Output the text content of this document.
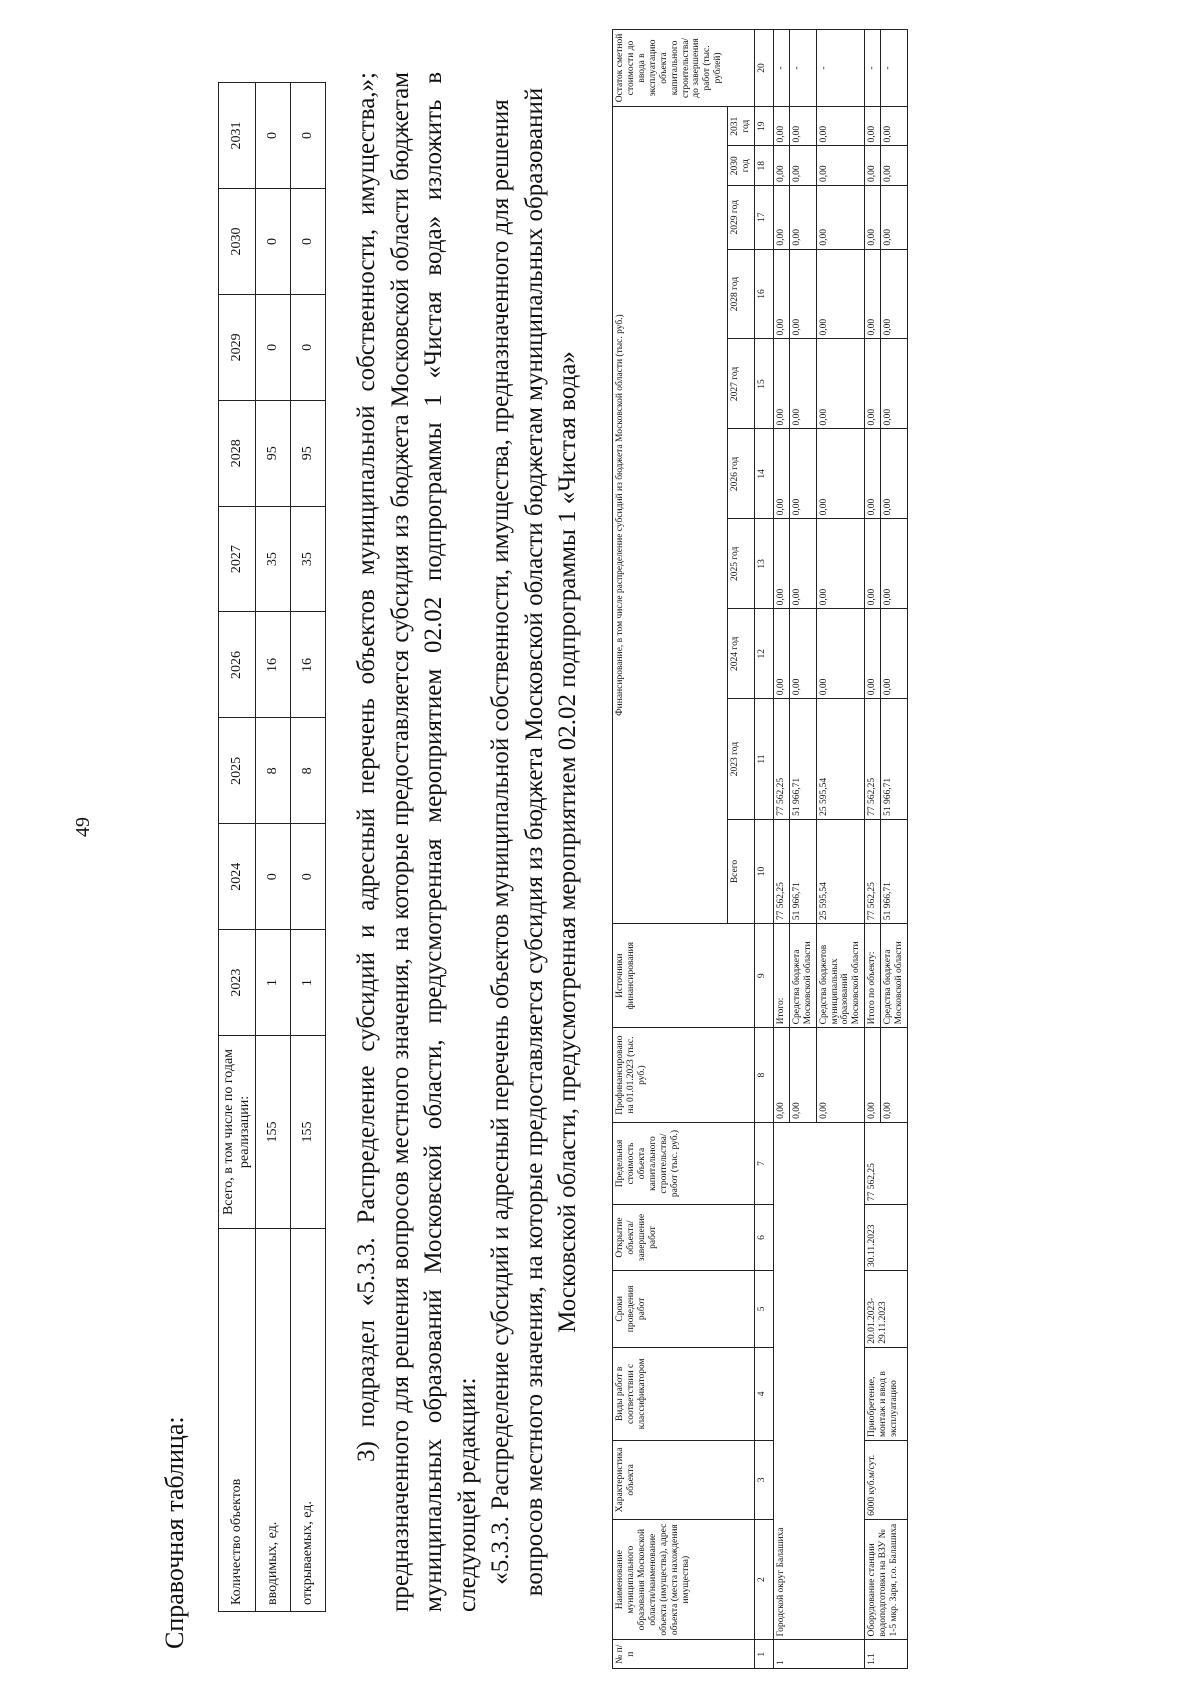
49
Справочная таблица:	Количество объектов	Всего, в том числе по годам реализации:	2023	2024	2025	2026	2027	2028	2029	2030	2031
вводимых, ед.	155	1	0	8	16	35	95	0	0	0
открываемых, ед.	155	1	0	8	16	35	95	0	0	0
»;

3) подраздел «5.3.3. Распределение субсидий и адресный перечень объектов муниципальной собственности, имущества, предназначенного для решения вопросов местного значения, на которые предоставляется субсидия из бюджета Московской области бюджетам муниципальных образований Московской области, предусмотренная мероприятием 02.02 подпрограммы 1 «Чистая вода» изложить в следующей редакции: «5.3.3. Распределение субсидий и адресный перечень объектов муниципальной собственности, имущества, предназначенного для решения вопросов местного значения, на которые предоставляется субсидия из бюджета Московской области бюджетам муниципальных образований Московской области, предусмотренная мероприятием 02.02 подпрограммы 1 «Чистая вода»

№ п/п	Наименование муниципального образования Московской области/наименование объекта (имущества), адрес объекта (места нахождения имущества)	Характеристика объекта	Виды работ в соответствии с классификатором	Сроки проведения работ	Открытие объекта/ завершение работ	Предельная стоимость объекта капитального строительства/работ (тыс. руб.)	Профинансировано на 01.01.2023 (тыс. руб.)	Источники финансирования	Финансирование, в том числе распределение субсидий из бюджета Московской области (тыс. руб.)										Остаток сметной стоимости до ввода в эксплуатацию объекта капитального строительства/ до завершения работ (тыс. рублей)
									Всего	2023 год	2024 год	2025 год	2026 год	2027 год	2028 год	2029 год	2030 год	2031 год	
1	2	3	4	5	6	7	8	9	10	11	12	13	14	15	16	17	18	19	20
1	Городской округ Балашиха						0,00	Итого:	77 562,25	77 562,25	0,00	0,00	0,00	0,00	0,00	0,00	0,00	0,00	-
							0,00	Средства бюджета Московской области	51 966,71	51 966,71	0,00	0,00	0,00	0,00	0,00	0,00	0,00	0,00	-
							0,00	Средства бюджетов муниципальных образований Московской области	25 595,54	25 595,54	0,00	0,00	0,00	0,00	0,00	0,00	0,00	0,00	-
1.1	Оборудование станции водоподготовки на ВЗУ № 1-5 мкр. Заря, г.о. Балашиха	6000 куб.м/сут.	Приобретение, монтаж и ввод в эксплуатацию	20.01.2023-29.11.2023	30.11.2023	77 562,25	0,00	Итого по объекту:	77 562,25	77 562,25	0,00	0,00	0,00	0,00	0,00	0,00	0,00	0,00	-
							0,00	Средства бюджета Московской области	51 966,71	51 966,71	0,00	0,00	0,00	0,00	0,00	0,00	0,00	0,00	-
